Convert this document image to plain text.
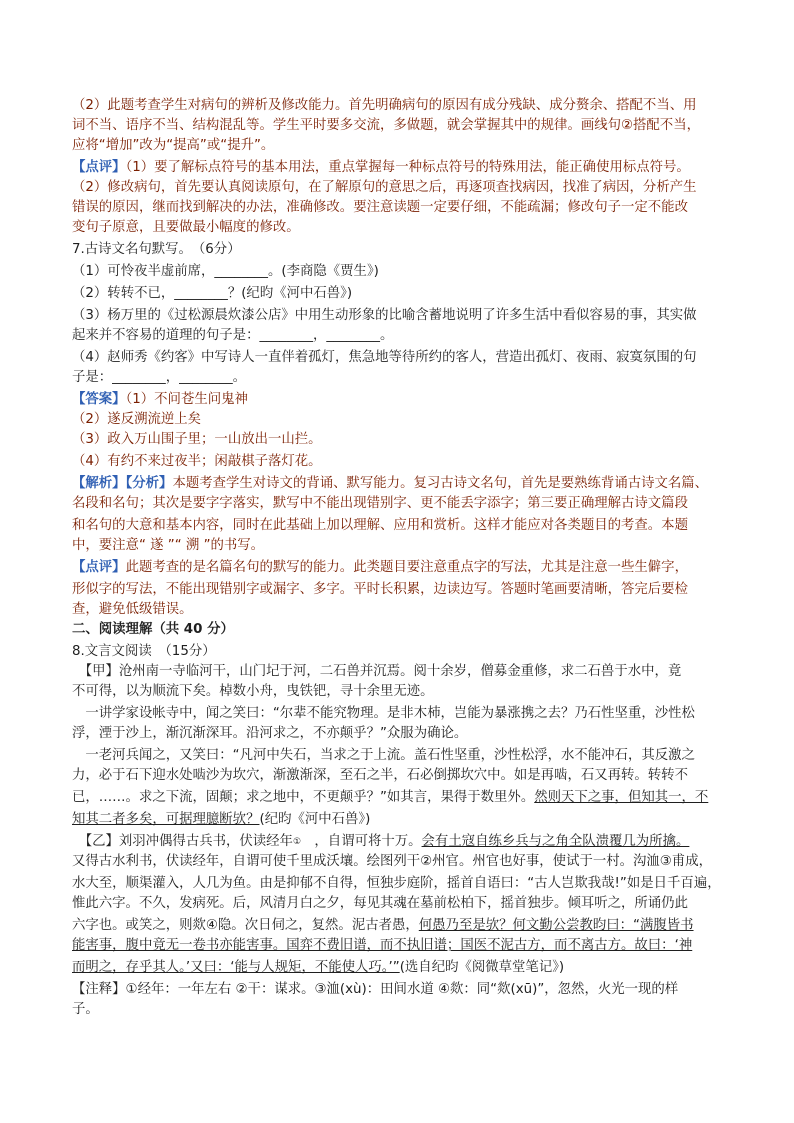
（2）此题考查学生对病句的辨析及修改能力。首先明确病句的原因有成分残缺、成分赘余、搭配不当、用
词不当、语序不当、结构混乱等。学生平时要多交流，多做题，就会掌握其中的规律。画线句②搭配不当，
应将“增加”改为“提高”或“提升”。
【点评】（1）要了解标点符号的基本用法，重点掌握每一种标点符号的特殊用法，能正确使用标点符号。
（2）修改病句，首先要认真阅读原句，在了解原句的意思之后，再逐项查找病因，找准了病因，分析产生
错误的原因，继而找到解决的办法，准确修改。要注意读题一定要仔细，不能疏漏；修改句子一定不能改
变句子原意，且要做最小幅度的修改。
7.古诗文名句默写。　（6分）
（1）可怜夜半虚前席，________。(李商隐《贾生》)
（2）转转不已，________？(纪昀《河中石兽》)
（3）杨万里的《过松源晨炊漆公店》中用生动形象的比喻含蓄地说明了许多生活中看似容易的事，其实做
起来并不容易的道理的句子是：________，________。
（4）赵师秀《约客》中写诗人一直伴着孤灯，焦急地等待所约的客人，营造出孤灯、夜雨、寂寞氛围的句
子是：________，________。
【答案】（1）不问苍生问鬼神
（2）遂反溯流逆上矣
（3）政入万山围子里；一山放出一山拦。
（4）有约不来过夜半；闲敲棋子落灯花。
【解析】【分析】本题考查学生对诗文的背诵、默写能力。复习古诗文名句，首先是要熟练背诵古诗文名篇、
名段和名句；其次是要字字落实，默写中不能出现错别字、更不能丢字添字；第三要正确理解古诗文篇段
和名句的大意和基本内容，同时在此基础上加以理解、应用和赏析。这样才能应对各类题目的考查。本题
中，要注意“ 遂 ”“ 溯 ”的书写。
【点评】此题考查的是名篇名句的默写的能力。此类题目要注意重点字的写法，尤其是注意一些生僻字，
形似字的写法，不能出现错别字或漏字、多字。平时长积累，边读边写。答题时笔画要清晰，答完后要检
查，避免低级错误。
二、阅读理解（共 40 分）
8.文言文阅读　（15分）
　【甲】沧州南一寺临河干，山门圮于河，二石兽并沉焉。阅十余岁，僧募金重修，求二石兽于水中，竟
不可得，以为顺流下矣。棹数小舟，曳铁钯，寻十余里无迹。
　一讲学家设帐寺中，闻之笑曰：“尔辈不能究物理。是非木杮，岂能为暴涨携之去？乃石性坚重，沙性松
浮，湮于沙上，渐沉渐深耳。沿河求之，不亦颠乎？”众服为确论。
　一老河兵闻之，又笑曰：“凡河中失石，当求之于上流。盖石性坚重，沙性松浮，水不能冲石，其反激之
力，必于石下迎水处啮沙为坎穴，渐激渐深，至石之半，石必倒掷坎穴中。如是再啮，石又再转。转转不
已，……。求之下流，固颠；求之地中，不更颠乎？”如其言，果得于数里外。然则天下之事，但知其一，不
知其二者多矣，可据理臆断欤？(纪昀《河中石兽》)
　【乙】刘羽冲偶得古兵书，伏读经年①　，自谓可将十万。会有土寇自练乡兵与之角全队溃覆几为所擒。
又得古水利书，伏读经年，自谓可使千里成沃壤。绘图列干②州官。州官也好事，使试于一村。沟洫③甫成，
水大至，顺渠灌入，人几为鱼。由是抑郁不自得，恒独步庭阶，摇首自语曰：“古人岂欺我哉!”如是日千百遍，
惟此六字。不久，发病死。后，风清月白之夕，每见其魂在墓前松柏下，摇首独步。倾耳听之，所诵仍此
六字也。或笑之，则欻④隐。次日伺之，复然。泥古者愚，何愚乃至是欤？何文勤公尝教昀曰：“满腹皆书
能害事，腹中竟无一卷书亦能害事。国弈不费旧谱，而不执旧谱；国医不泥古方，而不离古方。故曰：‘神
而明之，存乎其人。’又曰：‘能与人规矩，不能使人巧。’”(选自纪昀《阅微草堂笔记》)
【注释】①经年：一年左右 ②干：谋求。③洫(xù)：田间水道 ④欻：同“欻(xū)”，忽然，火光一现的样
子。
